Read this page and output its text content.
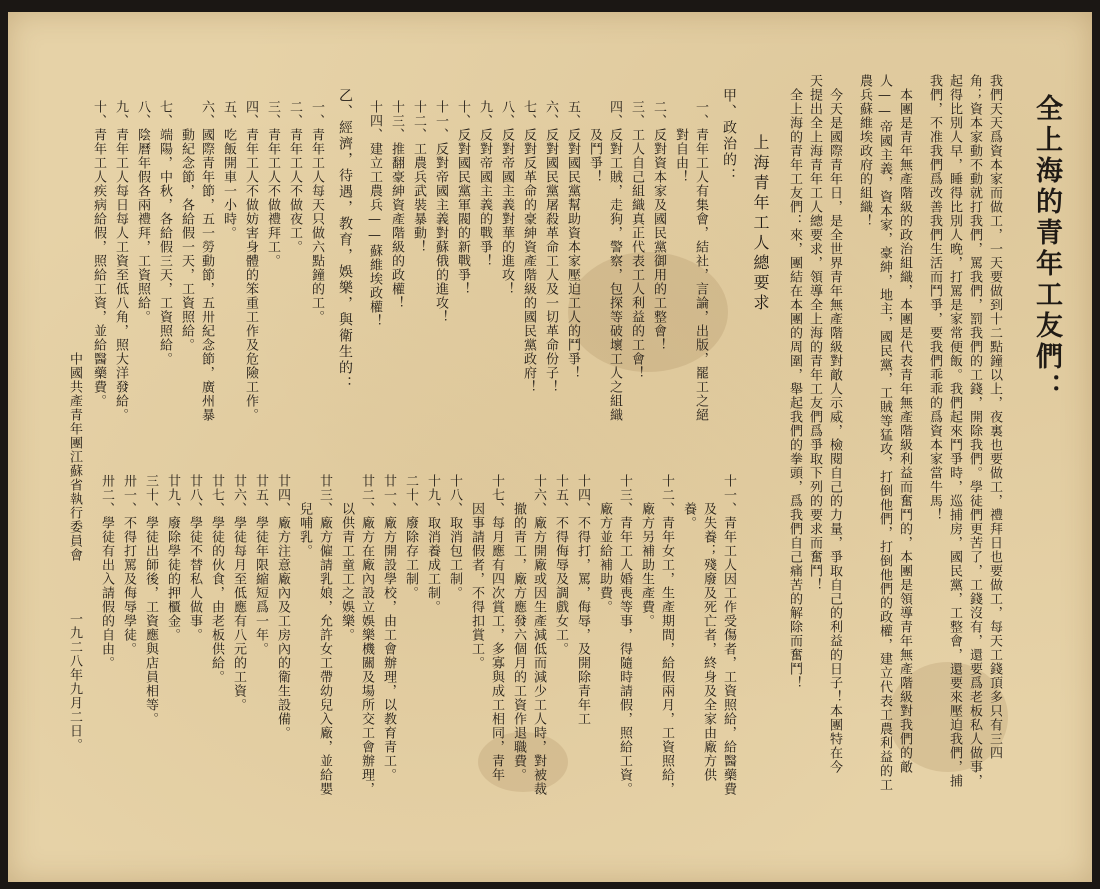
全上海的青年工友們：
我們天天爲資本家而做工，一天要做到十二點鐘以上，夜裏也要做工，禮拜日也要做工，每天工錢頂多只有三四
角；資本家動不動就打我們，罵我們，罰我們的工錢，開除我們。學徒們更苦了，工錢沒有，還要爲老板私人做事，
起得比別人早，睡得比別人晚，打罵是家常便飯。我們起來鬥爭時，巡捕房，國民黨，工整會，還要來壓迫我們，捕
我們，不准我們爲改善我們生活而鬥爭，要我們乖乖的爲資本家當牛馬！
　本團是青年無產階級的政治組織，本團是代表青年無產階級利益而奮鬥的，本團是領導青年無產階級對我們的敵
人——帝國主義，資本家，豪紳，地主，國民黨，工賊等猛攻，打倒他們，打倒他們的政權，建立代表工農利益的工
農兵蘇維埃政府的組織！
　今天是國際青年日，是全世界青年無產階級對敵人示威，檢閱自己的力量，爭取自己的利益的日子！本團特在今
天提出全上海青年工人總要求，領導全上海的青年工友們爲爭取下列的要求而奮鬥！
　全上海的青年工友們：來，團結在本團的周圍，舉起我們的拳頭，爲我們自己痛苦的解除而奮鬥！
上海青年工人總要求
甲、政治的：
一、青年工人有集會，結社，言論，出版，罷工之絕
　　對自由！
二、反對資本家及國民黨御用的工整會！
三、工人自己組織真正代表工人利益的工會！
四、反對工賊，走狗，警察，包探等破壞工人之組織
　　及鬥爭！
五、反對國民黨幫助資本家壓迫工人的鬥爭！
六、反對國民黨屠殺革命工人及一切革命份子！
七、反對反革命的豪紳資產階級的國民黨政府！
八、反對帝國主義對華的進攻！
九、反對帝國主義的戰爭！
十、反對國民黨軍閥的新戰爭！
十一、反對帝國主義對蘇俄的進攻！
十二、工農兵武裝暴動！
十三、推翻豪紳資產階級的政權！
十四、建立工農兵——蘇維埃政權！
乙、經濟，待遇，教育，娛樂，與衛生的：
一、青年工人每天只做六點鐘的工。
二、青年工人不做夜工。
三、青年工人不做禮拜工。
四、青年工人不做妨害身體的笨重工作及危險工作。
五、吃飯開車一小時。
六、國際青年節，五一勞動節，五卅紀念節，廣州暴
　　動紀念節，各給假一天，工資照給。
七、端陽，中秋，各給假三天，工資照給。
八、陰曆年假各兩禮拜，工資照給。
九、青年工人每日每人工資至低八角，照大洋發給。
十、青年工人疾病給假，照給工資，並給醫藥費。
十一、青年工人因工作受傷者，工資照給，給醫藥費
　　及失養；殘廢及死亡者，終身及全家由廠方供
　　養。
十二、青年女工，生產期間，給假兩月，工資照給，
　　廠方另補助生產費。
十三、青年工人婚喪等事，得隨時請假，照給工資。
　　廠方並給補助費。
十四、不得打，罵，侮辱，及開除青年工
十五、不得侮辱及調戲女工。
十六、廠方開廠或因生產減低而減少工人時，對被裁
　　撤的青工，廠方應發六個月的工資作退職費。
十七、每月應有四次賞工，多寡與成工相同，青年
　　因事請假者，不得扣賞工。
十八、取消包工制。
十九、取消養成工制。
二十、廢除存工制。
廿一、廠方開設學校，由工會辦理，以教育青工。
廿二、廠方在廠內設立娛樂機關及場所交工會辦理，
　　以供青工童工之娛樂。
廿三、廠方僱請乳娘，允許女工帶幼兒入廠，並給嬰
　　兒哺乳。
廿四、廠方注意廠內及工房內的衛生設備。
廿五、學徒年限縮短爲一年。
廿六、學徒每月至低應有八元的工資。
廿七、學徒的伙食，由老板供給。
廿八、學徒不替私人做事。
廿九、廢除學徒的押櫃金。
三十、學徒出師後，工資應與店員相等。
卅一、不得打罵及侮辱學徒。
卅二、學徒有出入請假的自由。
中國共產青年團江蘇省執行委員會
一九二八年九月二日。
